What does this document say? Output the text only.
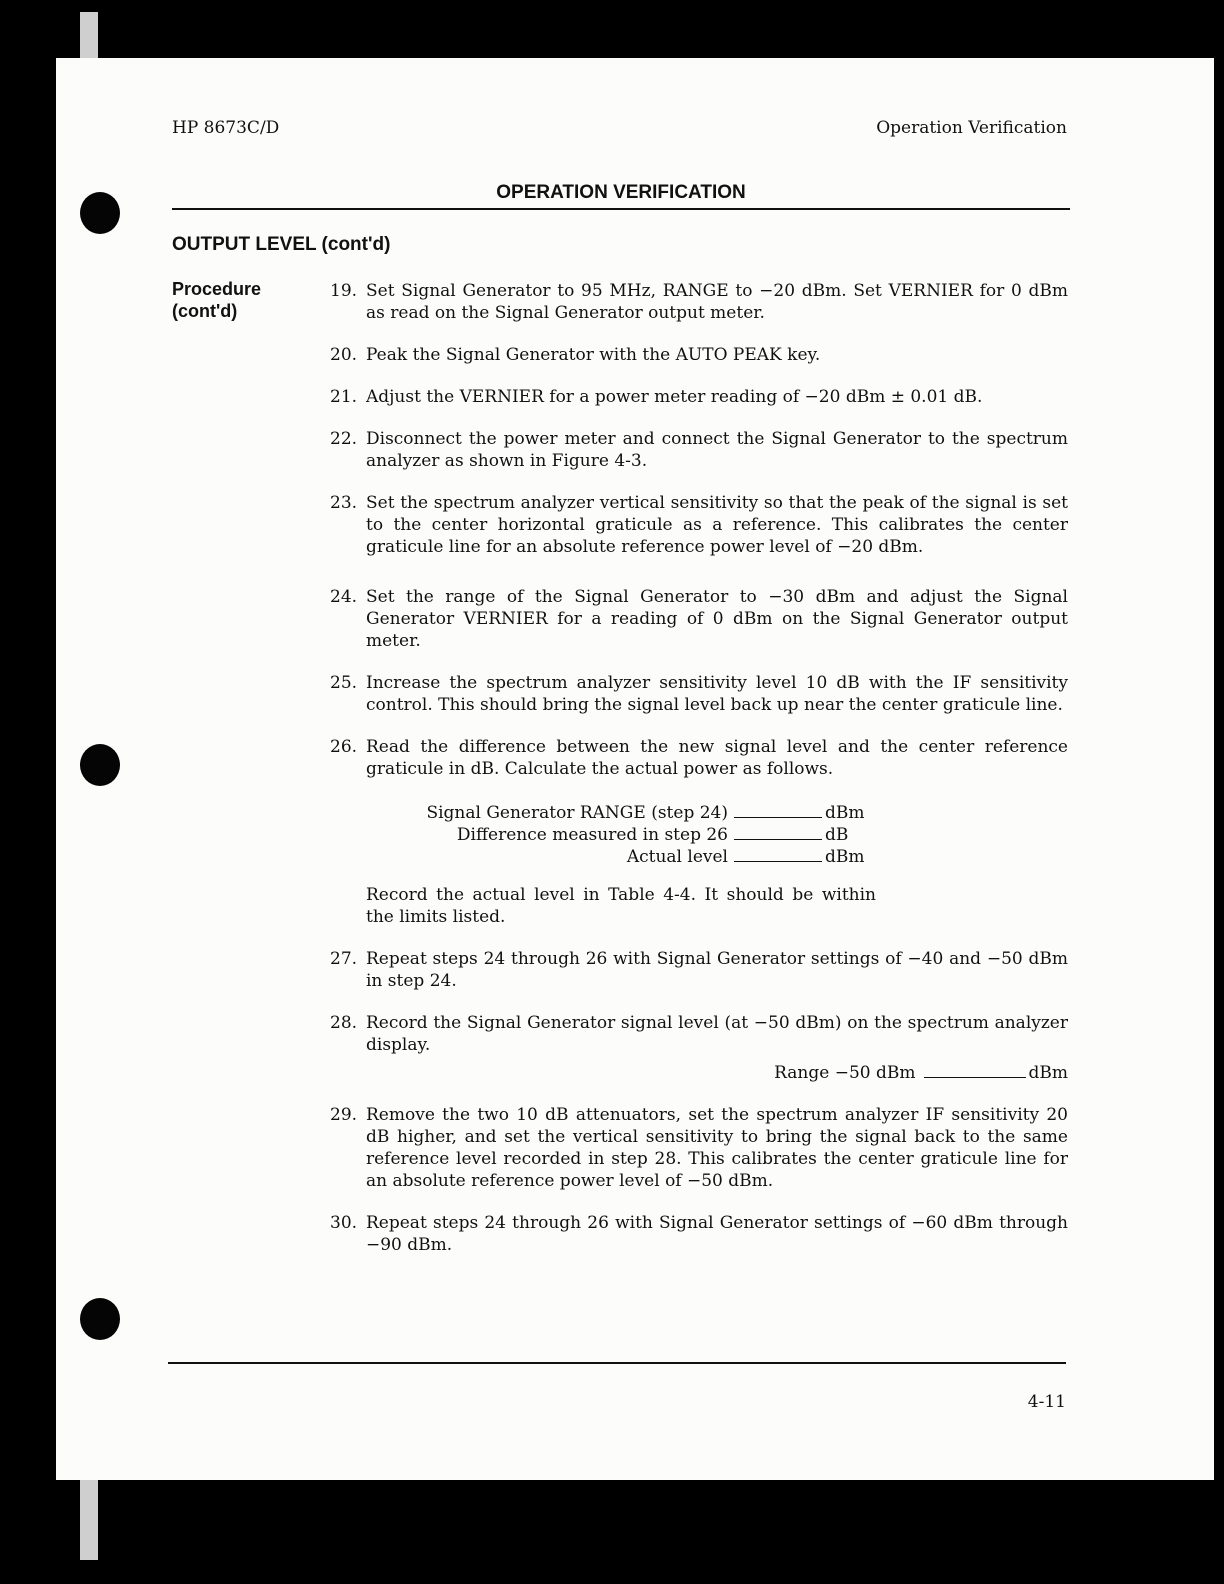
HP 8673C/D	Operation Verification
OPERATION VERIFICATION
OUTPUT LEVEL (cont'd)
Procedure
(cont'd)
19. Set Signal Generator to 95 MHz, RANGE to −20 dBm. Set VERNIER for 0 dBm as read on the Signal Generator output meter.
20. Peak the Signal Generator with the AUTO PEAK key.
21. Adjust the VERNIER for a power meter reading of −20 dBm ± 0.01 dB.
22. Disconnect the power meter and connect the Signal Generator to the spectrum analyzer as shown in Figure 4-3.
23. Set the spectrum analyzer vertical sensitivity so that the peak of the signal is set to the center horizontal graticule as a reference. This calibrates the center graticule line for an absolute reference power level of −20 dBm.
24. Set the range of the Signal Generator to −30 dBm and adjust the Signal Generator VERNIER for a reading of 0 dBm on the Signal Generator output meter.
25. Increase the spectrum analyzer sensitivity level 10 dB with the IF sensitivity control. This should bring the signal level back up near the center graticule line.
26. Read the difference between the new signal level and the center reference graticule in dB. Calculate the actual power as follows.
Signal Generator RANGE (step 24)	dBm
Difference measured in step 26	dB
Actual level	dBm
Record the actual level in Table 4-4. It should be within the limits listed.
27. Repeat steps 24 through 26 with Signal Generator settings of −40 and −50 dBm in step 24.
28. Record the Signal Generator signal level (at −50 dBm) on the spectrum analyzer display.
Range −50 dBm	dBm
29. Remove the two 10 dB attenuators, set the spectrum analyzer IF sensitivity 20 dB higher, and set the vertical sensitivity to bring the signal back to the same reference level recorded in step 28. This calibrates the center graticule line for an absolute reference power level of −50 dBm.
30. Repeat steps 24 through 26 with Signal Generator settings of −60 dBm through −90 dBm.
4-11
